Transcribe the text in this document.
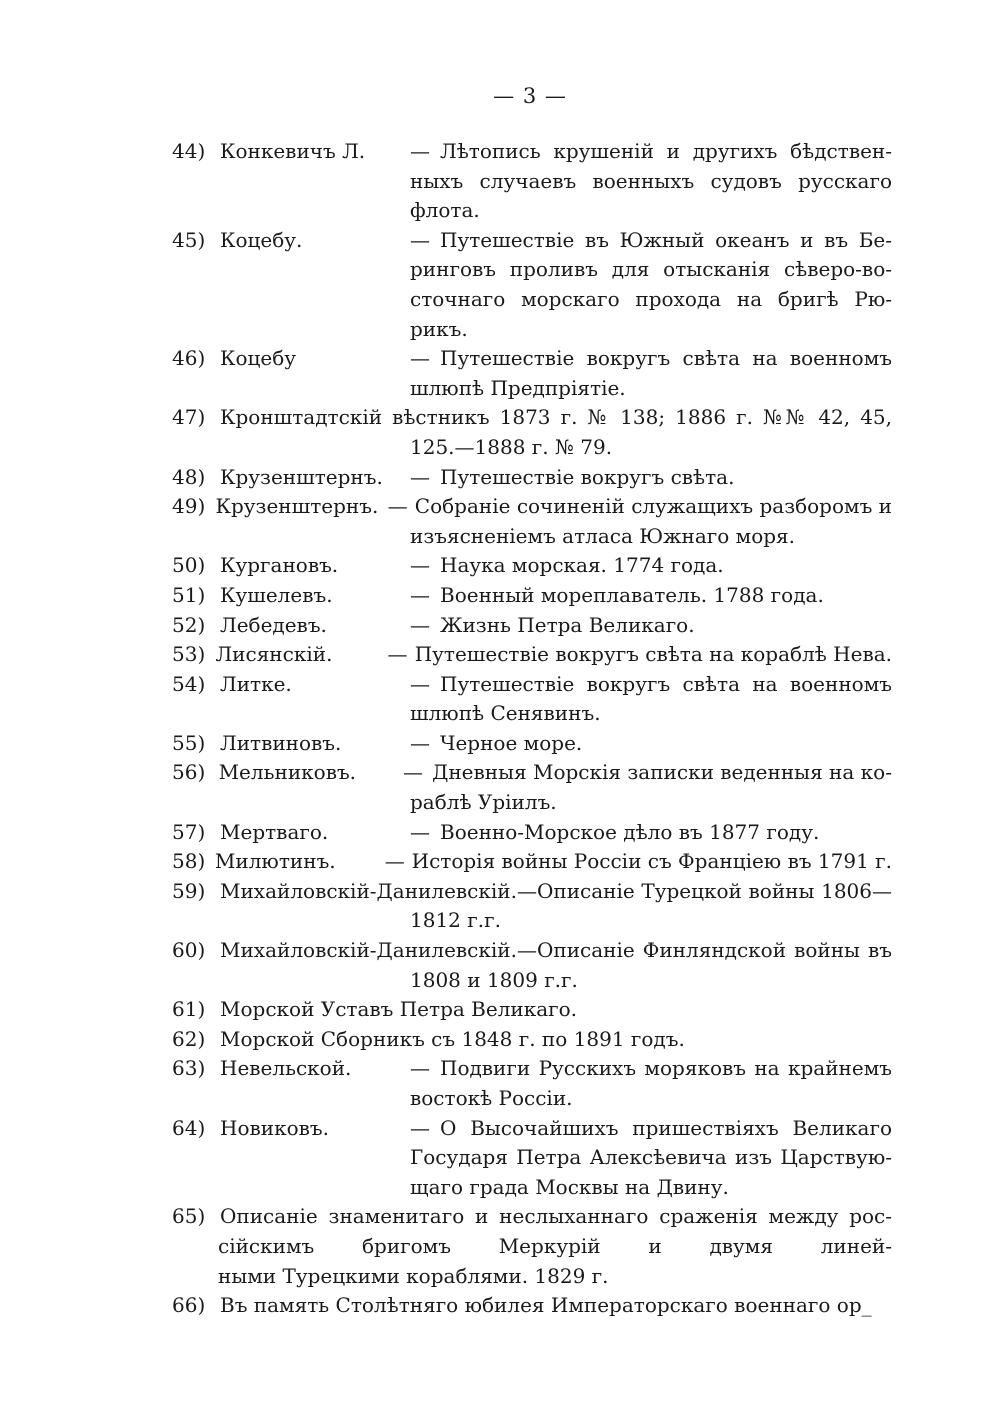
— 3 —
44) Конкевичъ Л.	— Лѣтопись крушеній и другихъ бѣдствен-
ныхъ случаевъ военныхъ судовъ русскаго
флота.
45) Коцебу.	— Путешествіе въ Южный океанъ и въ Бе-
ринговъ проливъ для отысканія сѣверо-во-
сточнаго морскаго прохода на бригѣ Рю-
рикъ.
46) Коцебу	— Путешествіе вокругъ свѣта на военномъ
шлюпѣ Предпріятіе.
47) Кронштадтскій вѣстникъ 1873 г. № 138; 1886 г. №№ 42, 45,
125.—1888 г. № 79.
48) Крузенштернъ.	— Путешествіе вокругъ свѣта.
49) Крузенштернъ. — Собраніе сочиненій служащихъ разборомъ и
изъясненіемъ атласа Южнаго моря.
50) Кургановъ.	— Наука морская. 1774 года.
51) Кушелевъ.	— Военный мореплаватель. 1788 года.
52) Лебедевъ.	— Жизнь Петра Великаго.
53) Лисянскій.	— Путешествіе вокругъ свѣта на кораблѣ Нева.
54) Литке.	— Путешествіе вокругъ свѣта на военномъ
шлюпѣ Сенявинъ.
55) Литвиновъ.	— Черное море.
56) Мельниковъ.	— Дневныя Морскія записки веденныя на ко-
раблѣ Уріилъ.
57) Мертваго.	— Военно-Морское дѣло въ 1877 году.
58) Милютинъ.	— Исторія войны Россіи съ Франціею въ 1791 г.
59) Михайловскій-Данилевскій.—Описаніе Турецкой войны 1806—
1812 г.г.
60) Михайловскій-Данилевскій.—Описаніе Финляндской войны въ
1808 и 1809 г.г.
61) Морской Уставъ Петра Великаго.
62) Морской Сборникъ съ 1848 г. по 1891 годъ.
63) Невельской.	— Подвиги Русскихъ моряковъ на крайнемъ
востокѣ Россіи.
64) Новиковъ.	— О Высочайшихъ пришествіяхъ Великаго
Государя Петра Алексѣевича изъ Царствую-
щаго града Москвы на Двину.
65) Описаніе знаменитаго и неслыханнаго сраженія между рос-
сійскимъ бригомъ Меркурій и двумя линей-
ными Турецкими кораблями. 1829 г.
66) Въ память Столѣтняго юбилея Императорскаго военнаго ор_
